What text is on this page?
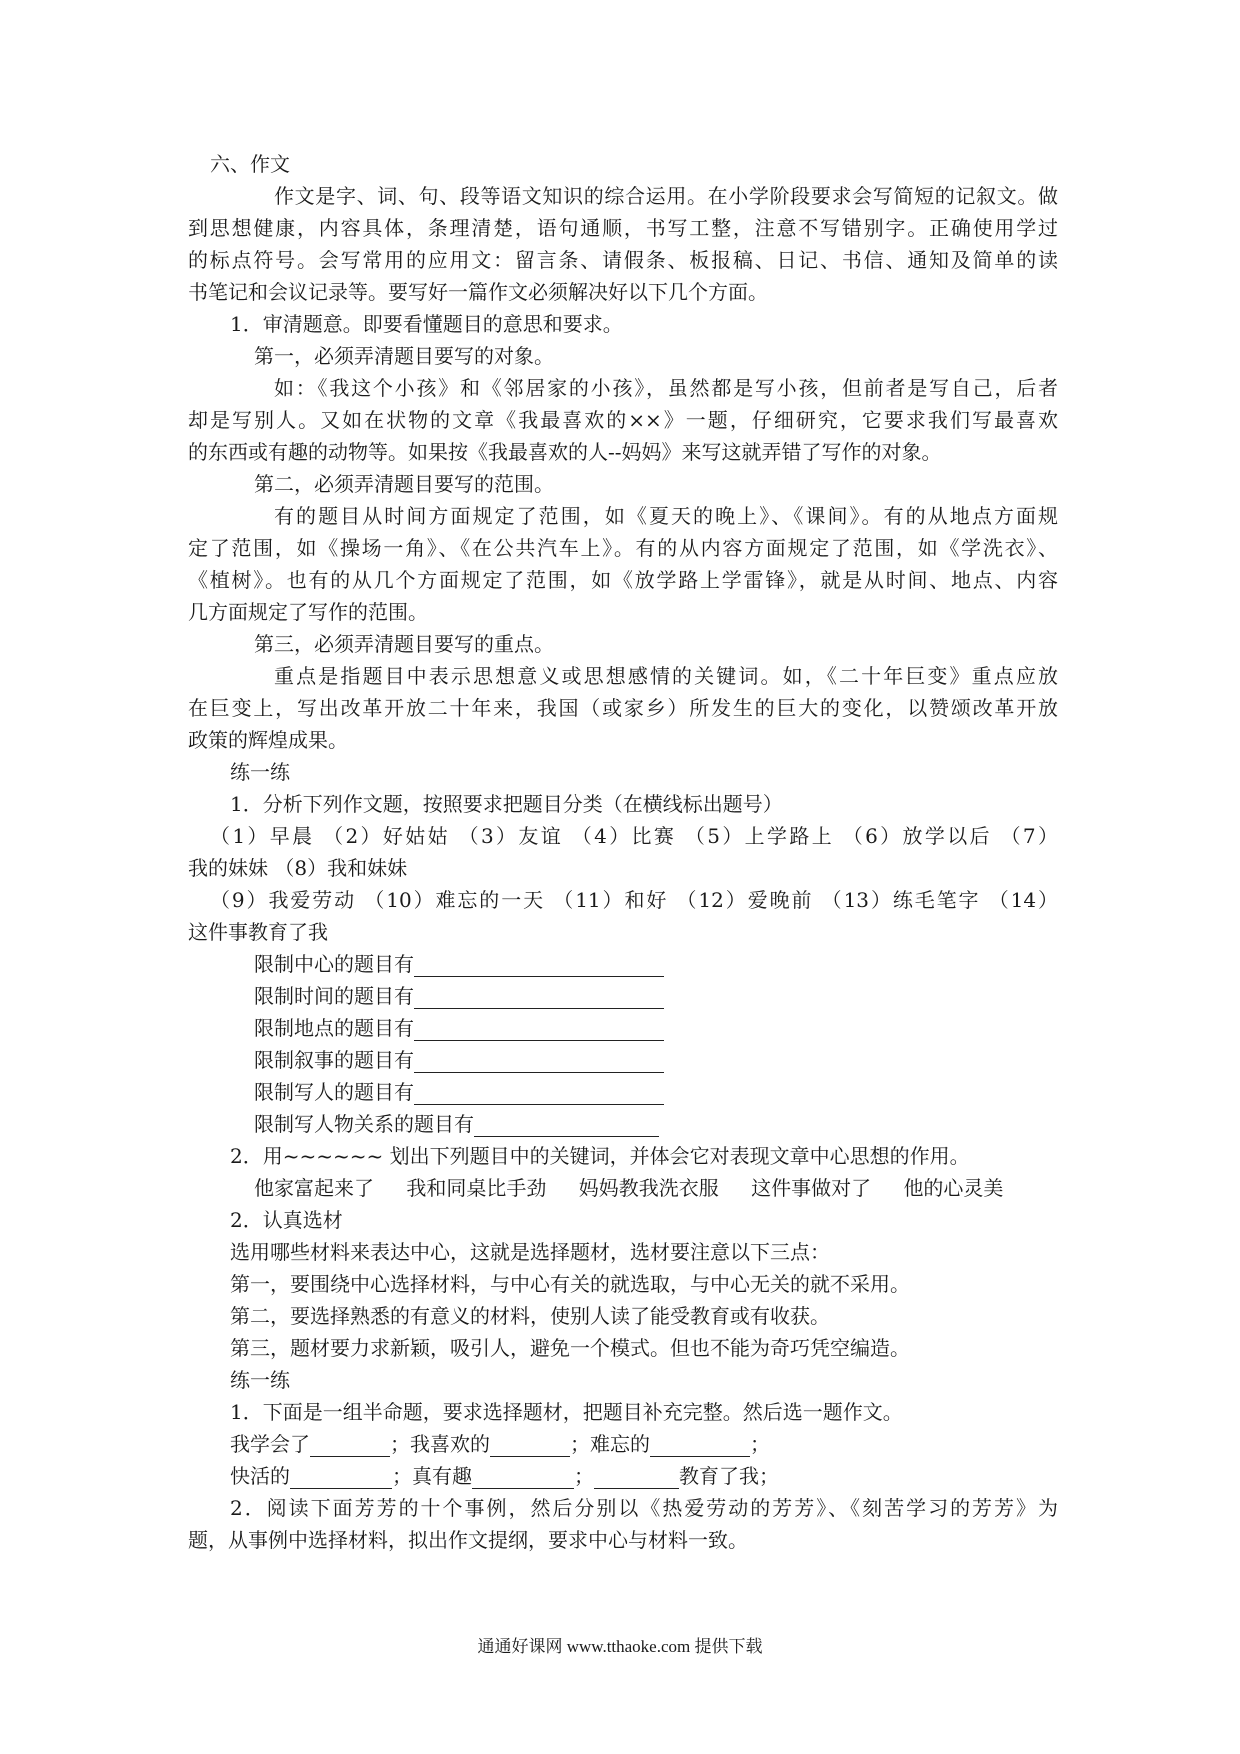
六、作文
作文是字、词、句、段等语文知识的综合运用。在小学阶段要求会写简短的记叙文。做
到思想健康，内容具体，条理清楚，语句通顺，书写工整，注意不写错别字。正确使用学过
的标点符号。会写常用的应用文：留言条、请假条、板报稿、日记、书信、通知及简单的读
书笔记和会议记录等。要写好一篇作文必须解决好以下几个方面。
1．审清题意。即要看懂题目的意思和要求。
第一，必须弄清题目要写的对象。
如：《我这个小孩》和《邻居家的小孩》，虽然都是写小孩，但前者是写自己，后者
却是写别人。又如在状物的文章《我最喜欢的××》一题，仔细研究，它要求我们写最喜欢
的东西或有趣的动物等。如果按《我最喜欢的人--妈妈》来写这就弄错了写作的对象。
第二，必须弄清题目要写的范围。
有的题目从时间方面规定了范围，如《夏天的晚上》、《课间》。有的从地点方面规
定了范围，如《操场一角》、《在公共汽车上》。有的从内容方面规定了范围，如《学洗衣》、
《植树》。也有的从几个方面规定了范围，如《放学路上学雷锋》，就是从时间、地点、内容
几方面规定了写作的范围。
第三，必须弄清题目要写的重点。
重点是指题目中表示思想意义或思想感情的关键词。如，《二十年巨变》重点应放
在巨变上，写出改革开放二十年来，我国（或家乡）所发生的巨大的变化，以赞颂改革开放
政策的辉煌成果。
练一练
1．分析下列作文题，按照要求把题目分类（在横线标出题号）
（1）早晨 （2）好姑姑 （3）友谊 （4）比赛 （5）上学路上 （6）放学以后 （7）
我的妹妹 （8）我和妹妹
（9）我爱劳动 （10）难忘的一天 （11）和好 （12）爱晚前 （13）练毛笔字 （14）
这件事教育了我
限制中心的题目有
限制时间的题目有
限制地点的题目有
限制叙事的题目有
限制写人的题目有
限制写人物关系的题目有
2．用~~~~~~ 划出下列题目中的关键词，并体会它对表现文章中心思想的作用。
他家富起来了 我和同桌比手劲 妈妈教我洗衣服 这件事做对了 他的心灵美
2．认真选材
选用哪些材料来表达中心，这就是选择题材，选材要注意以下三点：
第一，要围绕中心选择材料，与中心有关的就选取，与中心无关的就不采用。
第二，要选择熟悉的有意义的材料，使别人读了能受教育或有收获。
第三，题材要力求新颖，吸引人，避免一个模式。但也不能为奇巧凭空编造。
练一练
1．下面是一组半命题，要求选择题材，把题目补充完整。然后选一题作文。
我学会了	；我喜欢的	；难忘的	；
快活的	；真有趣	；	教育了我；
2．阅读下面芳芳的十个事例，然后分别以《热爱劳动的芳芳》、《刻苦学习的芳芳》为
题，从事例中选择材料，拟出作文提纲，要求中心与材料一致。
通通好课网 www.tthaoke.com 提供下载
